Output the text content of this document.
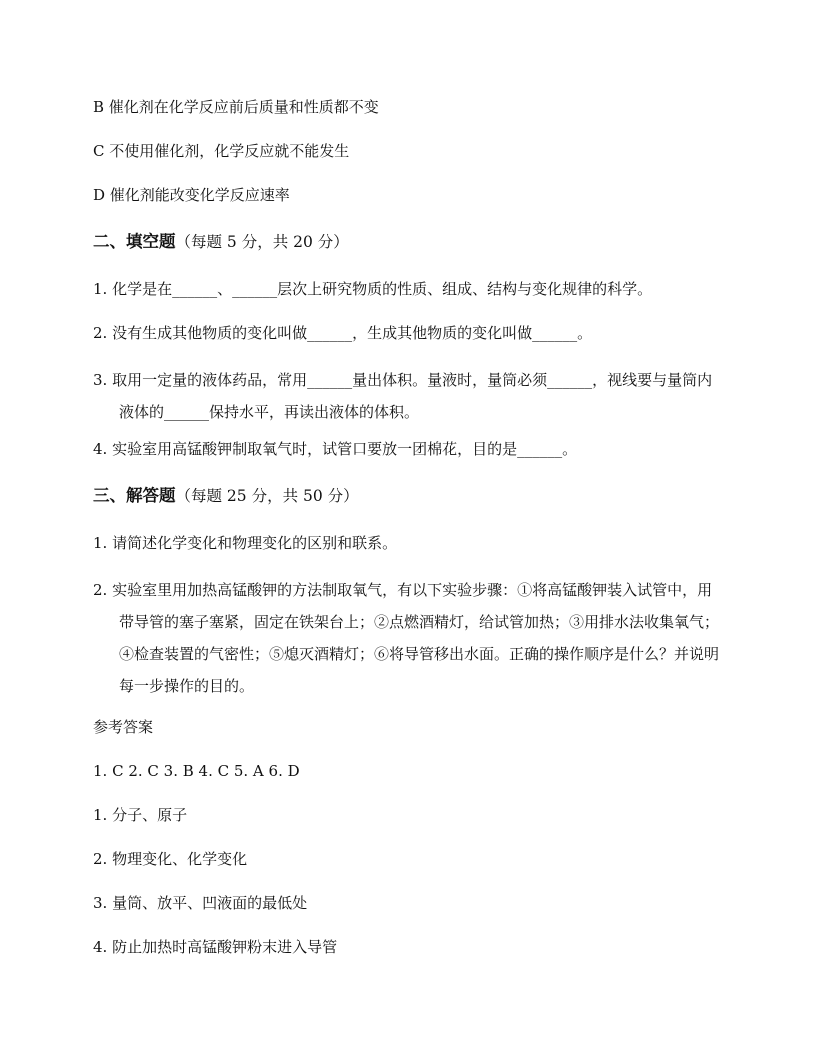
B 催化剂在化学反应前后质量和性质都不变
C 不使用催化剂，化学反应就不能发生
D 催化剂能改变化学反应速率
二、填空题（每题 5 分，共 20 分）
1. 化学是在______、______层次上研究物质的性质、组成、结构与变化规律的科学。
2. 没有生成其他物质的变化叫做______，生成其他物质的变化叫做______。
3. 取用一定量的液体药品，常用______量出体积。量液时，量筒必须______，视线要与量筒内液体的______保持水平，再读出液体的体积。
4. 实验室用高锰酸钾制取氧气时，试管口要放一团棉花，目的是______。
三、解答题（每题 25 分，共 50 分）
1. 请简述化学变化和物理变化的区别和联系。
2. 实验室里用加热高锰酸钾的方法制取氧气，有以下实验步骤：①将高锰酸钾装入试管中，用带导管的塞子塞紧，固定在铁架台上；②点燃酒精灯，给试管加热；③用排水法收集氧气；④检查装置的气密性；⑤熄灭酒精灯；⑥将导管移出水面。正确的操作顺序是什么？并说明每一步操作的目的。
参考答案
1. C 2. C 3. B 4. C 5. A 6. D
1. 分子、原子
2. 物理变化、化学变化
3. 量筒、放平、凹液面的最低处
4. 防止加热时高锰酸钾粉末进入导管
